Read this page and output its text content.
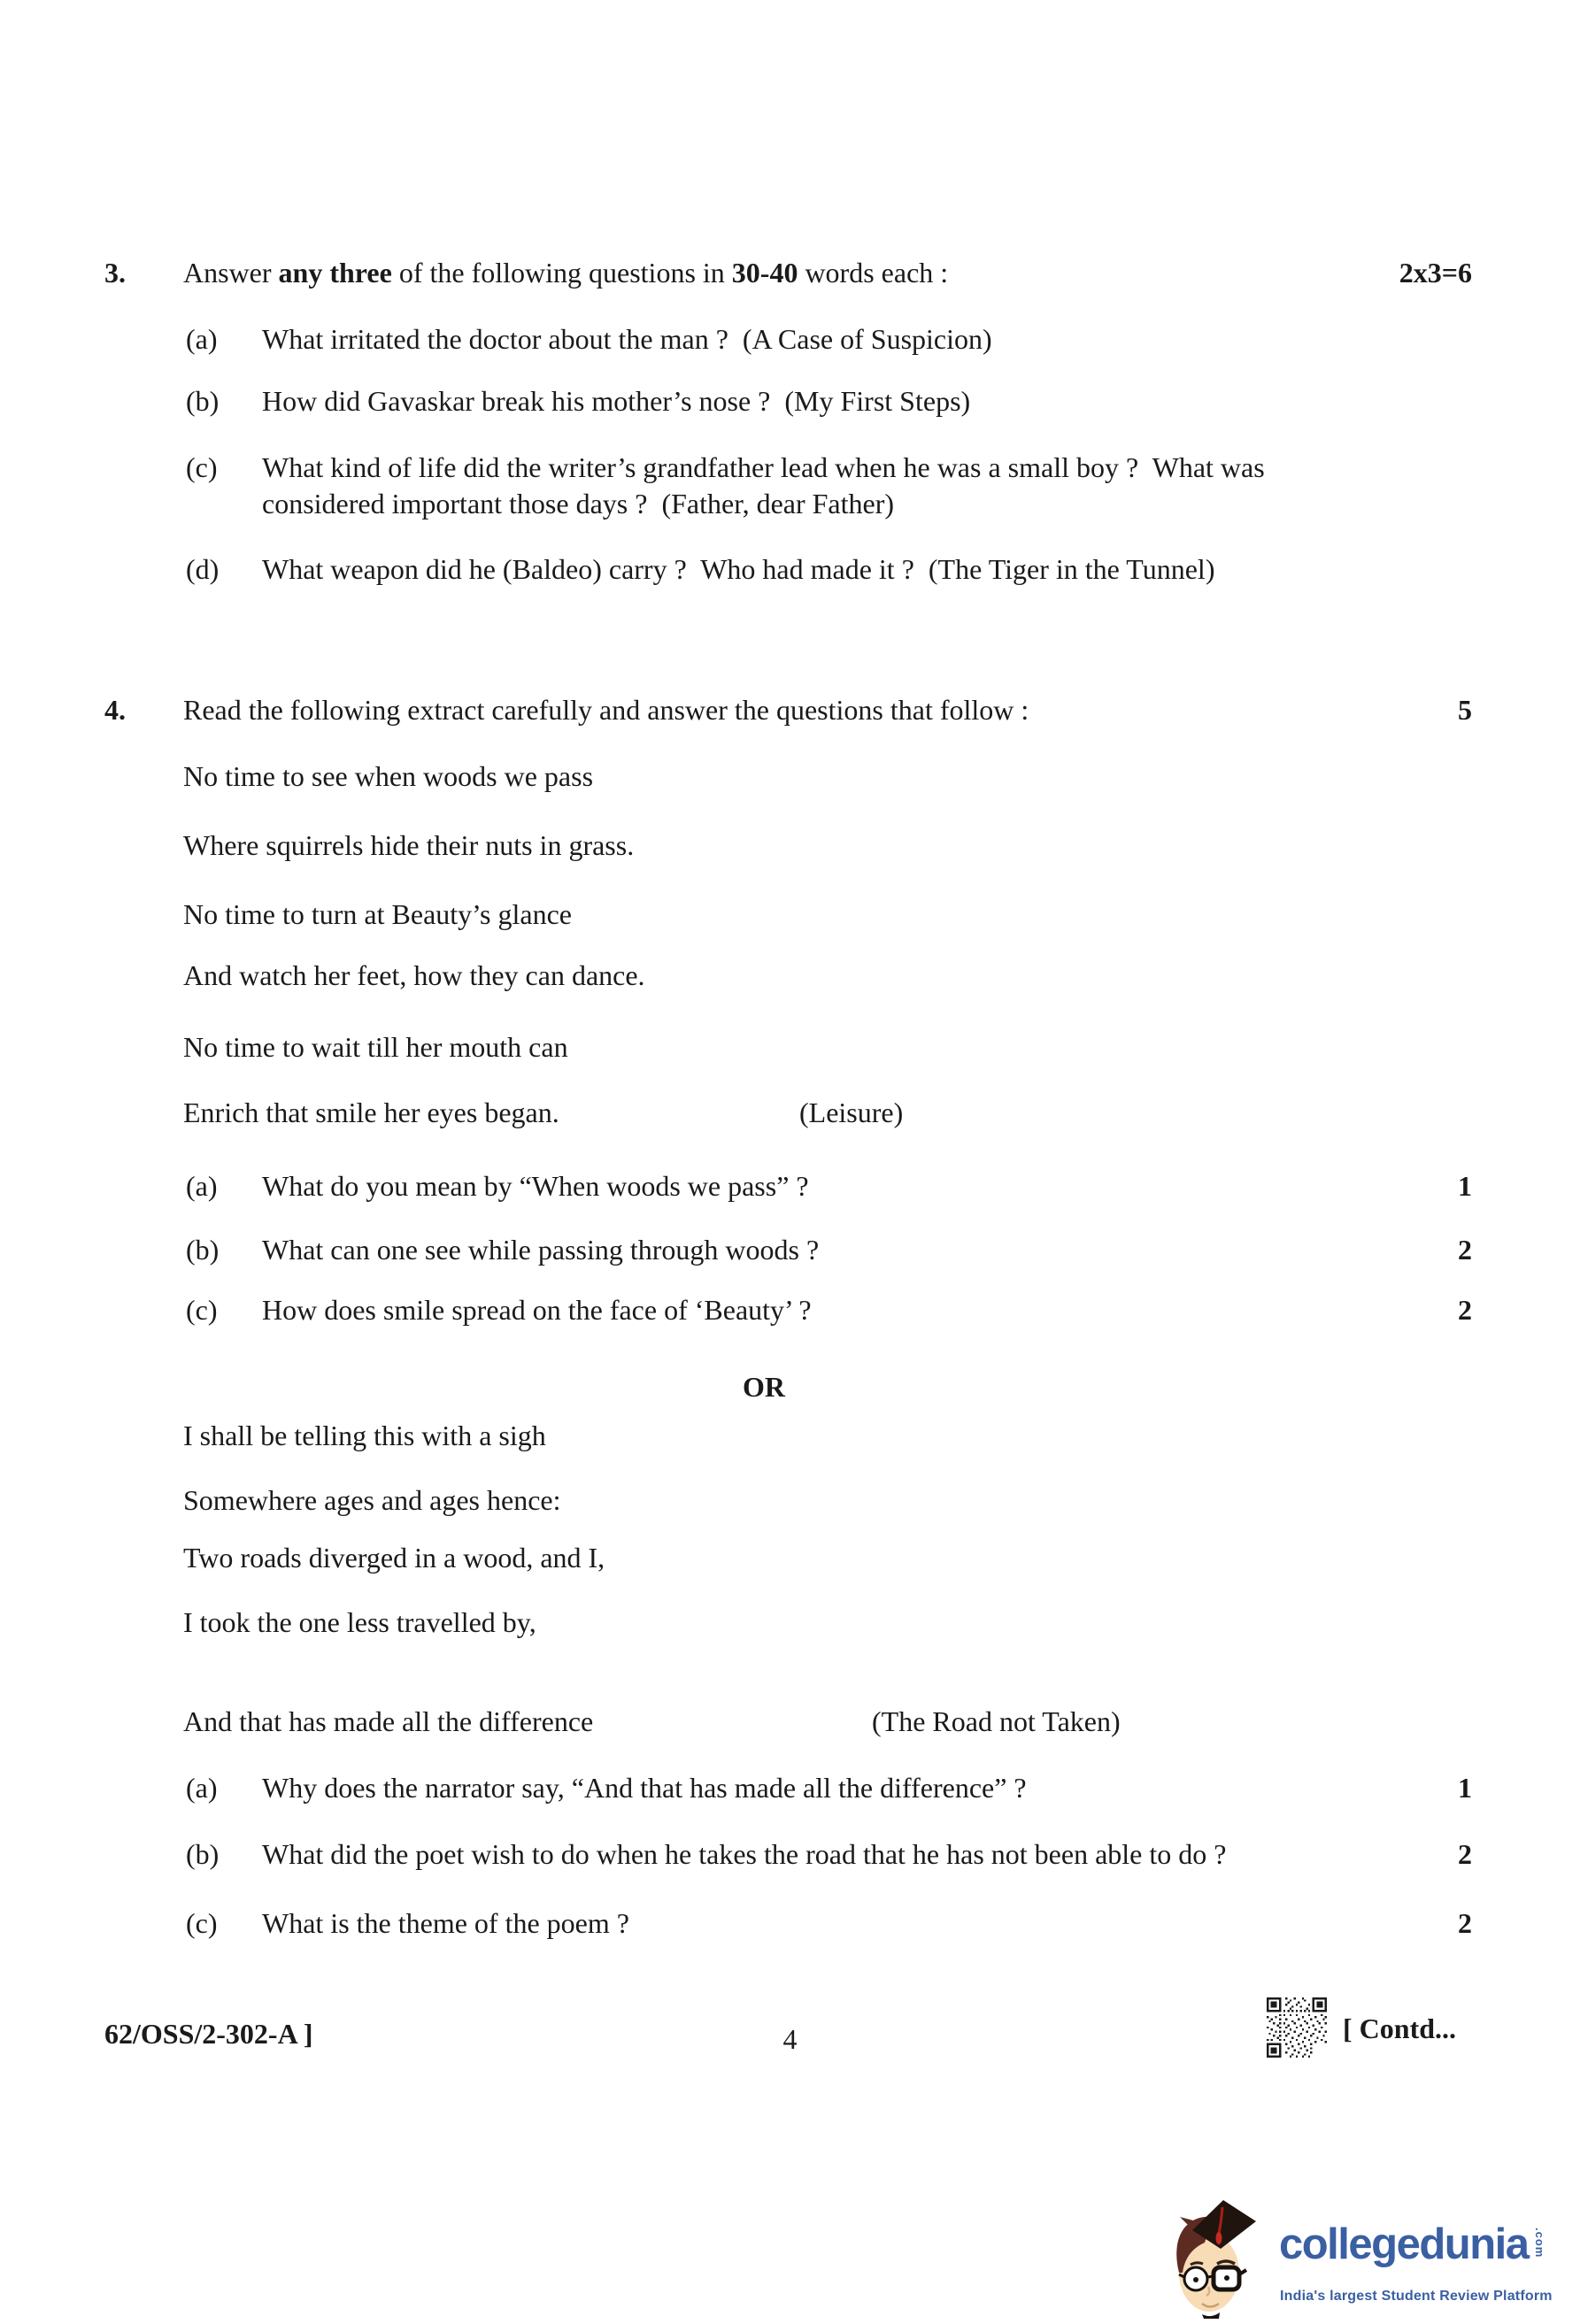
3. Answer any three of the following questions in 30-40 words each :	2x3=6
(a) What irritated the doctor about the man ?  (A Case of Suspicion)
(b) How did Gavaskar break his mother’s nose ?  (My First Steps)
(c) What kind of life did the writer’s grandfather lead when he was a small boy ?  What was considered important those days ?  (Father, dear Father)
(d) What weapon did he (Baldeo) carry ?  Who had made it ?  (The Tiger in the Tunnel)
4. Read the following extract carefully and answer the questions that follow :	5
No time to see when woods we pass
Where squirrels hide their nuts in grass.
No time to turn at Beauty’s glance
And watch her feet, how they can dance.
No time to wait till her mouth can
Enrich that smile her eyes began.	(Leisure)
(a) What do you mean by “When woods we pass” ?	1
(b) What can one see while passing through woods ?	2
(c) How does smile spread on the face of ‘Beauty’ ?	2
OR
I shall be telling this with a sigh
Somewhere ages and ages hence:
Two roads diverged in a wood, and I,
I took the one less travelled by,
And that has made all the difference	(The Road not Taken)
(a) Why does the narrator say, “And that has made all the difference” ?	1
(b) What did the poet wish to do when he takes the road that he has not been able to do ?	2
(c) What is the theme of the poem ?	2
62/OSS/2-302-A ]	4	[ Contd...
collegedunia .com
India's largest Student Review Platform
